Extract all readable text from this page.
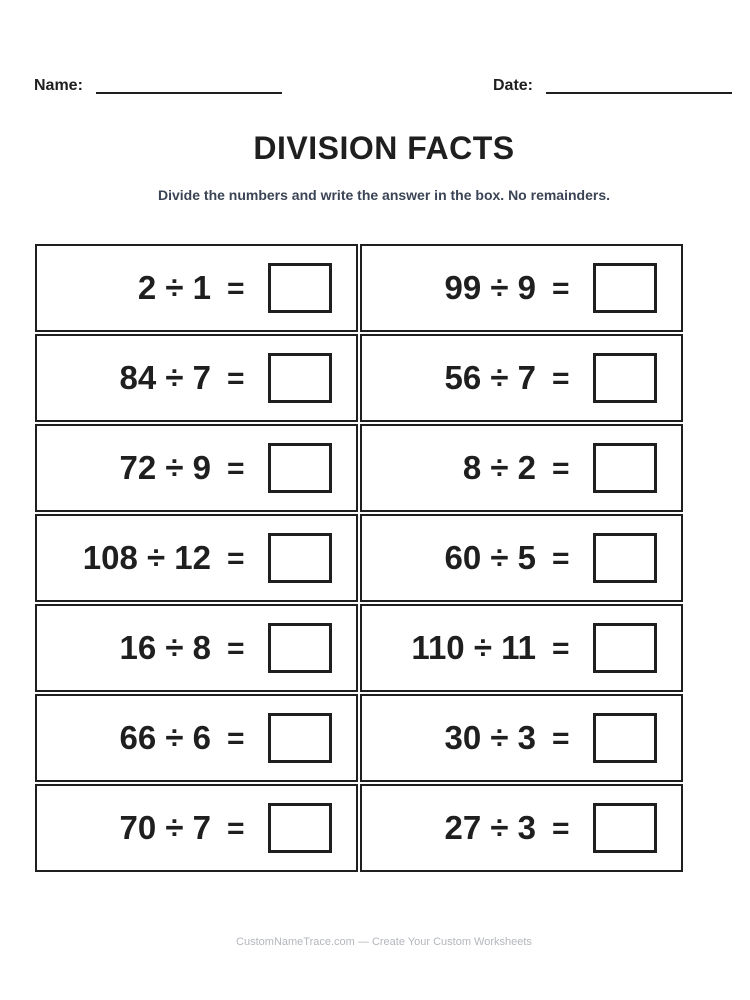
Name:	Date:
DIVISION FACTS
Divide the numbers and write the answer in the box. No remainders.
2 ÷ 1 =	99 ÷ 9 =
84 ÷ 7 =	56 ÷ 7 =
72 ÷ 9 =	8 ÷ 2 =
108 ÷ 12 =	60 ÷ 5 =
16 ÷ 8 =	110 ÷ 11 =
66 ÷ 6 =	30 ÷ 3 =
70 ÷ 7 =	27 ÷ 3 =
CustomNameTrace.com — Create Your Custom Worksheets
